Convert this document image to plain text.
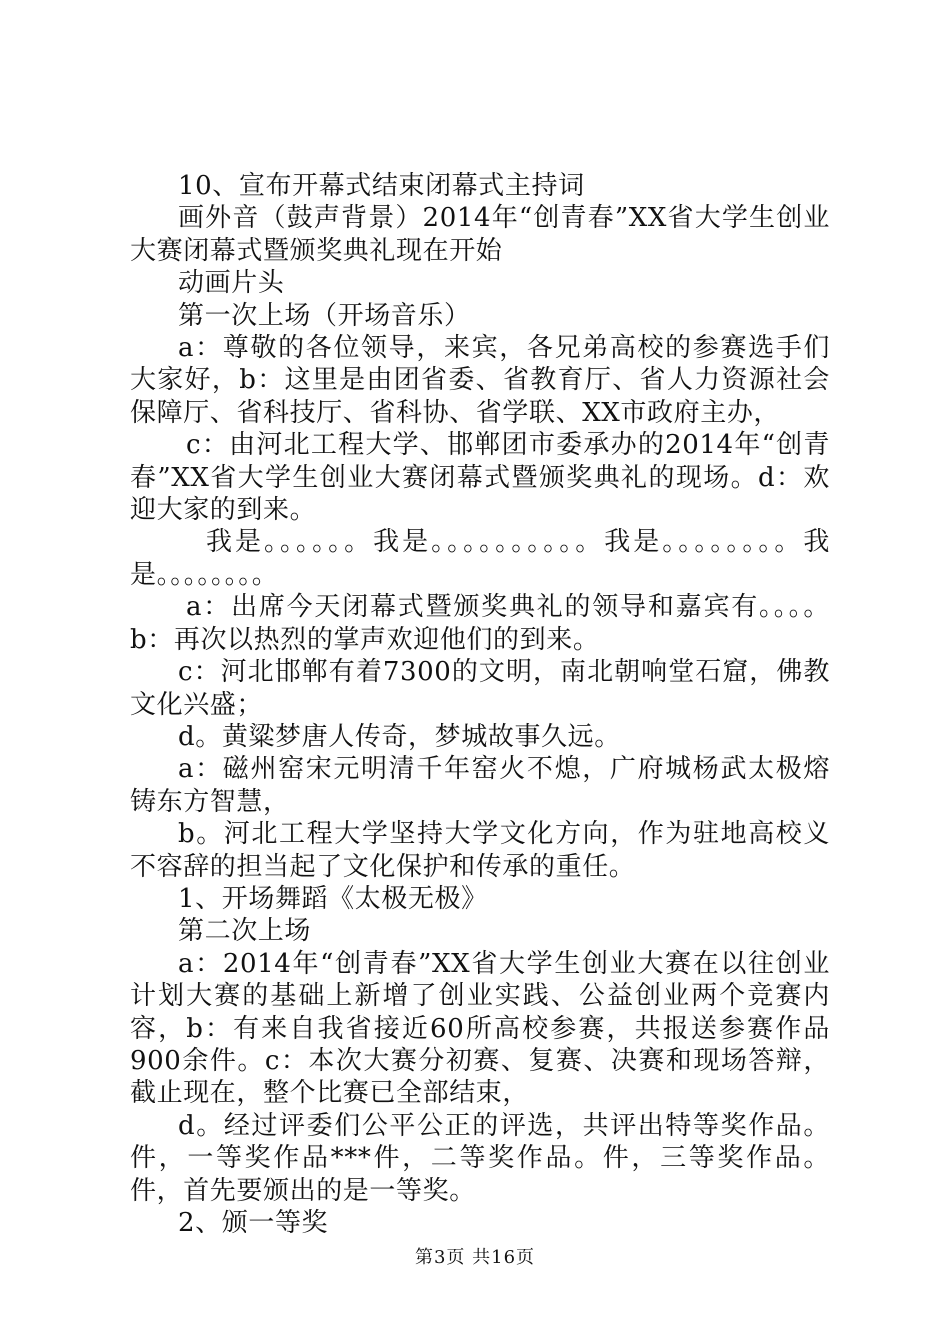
10、宣布开幕式结束闭幕式主持词

画外音（鼓声背景）2014年“创青春”XX省大学生创业大赛闭幕式暨颁奖典礼现在开始

动画片头

第一次上场（开场音乐）

a：尊敬的各位领导，来宾，各兄弟高校的参赛选手们大家好，b：这里是由团省委、省教育厅、省人力资源社会保障厅、省科技厅、省科协、省学联、XX市政府主办，

c：由河北工程大学、邯郸团市委承办的2014年“创青春”XX省大学生创业大赛闭幕式暨颁奖典礼的现场。d：欢迎大家的到来。

我是。。。。。。我是。。。。。。。。。。我是。。。。。。。。我是。。。。。。。。

a：出席今天闭幕式暨颁奖典礼的领导和嘉宾有。。。。b：再次以热烈的掌声欢迎他们的到来。

c：河北邯郸有着7300的文明，南北朝响堂石窟，佛教文化兴盛；

d。黄粱梦唐人传奇，梦城故事久远。

a：磁州窑宋元明清千年窑火不熄，广府城杨武太极熔铸东方智慧，

b。河北工程大学坚持大学文化方向，作为驻地高校义不容辞的担当起了文化保护和传承的重任。

1、开场舞蹈《太极无极》

第二次上场

a：2014年“创青春”XX省大学生创业大赛在以往创业计划大赛的基础上新增了创业实践、公益创业两个竞赛内容，b：有来自我省接近60所高校参赛，共报送参赛作品900余件。c：本次大赛分初赛、复赛、决赛和现场答辩，截止现在，整个比赛已全部结束，

d。经过评委们公平公正的评选，共评出特等奖作品。件，一等奖作品***件，二等奖作品。件，三等奖作品。件，首先要颁出的是一等奖。

2、颁一等奖

第3页 共16页
